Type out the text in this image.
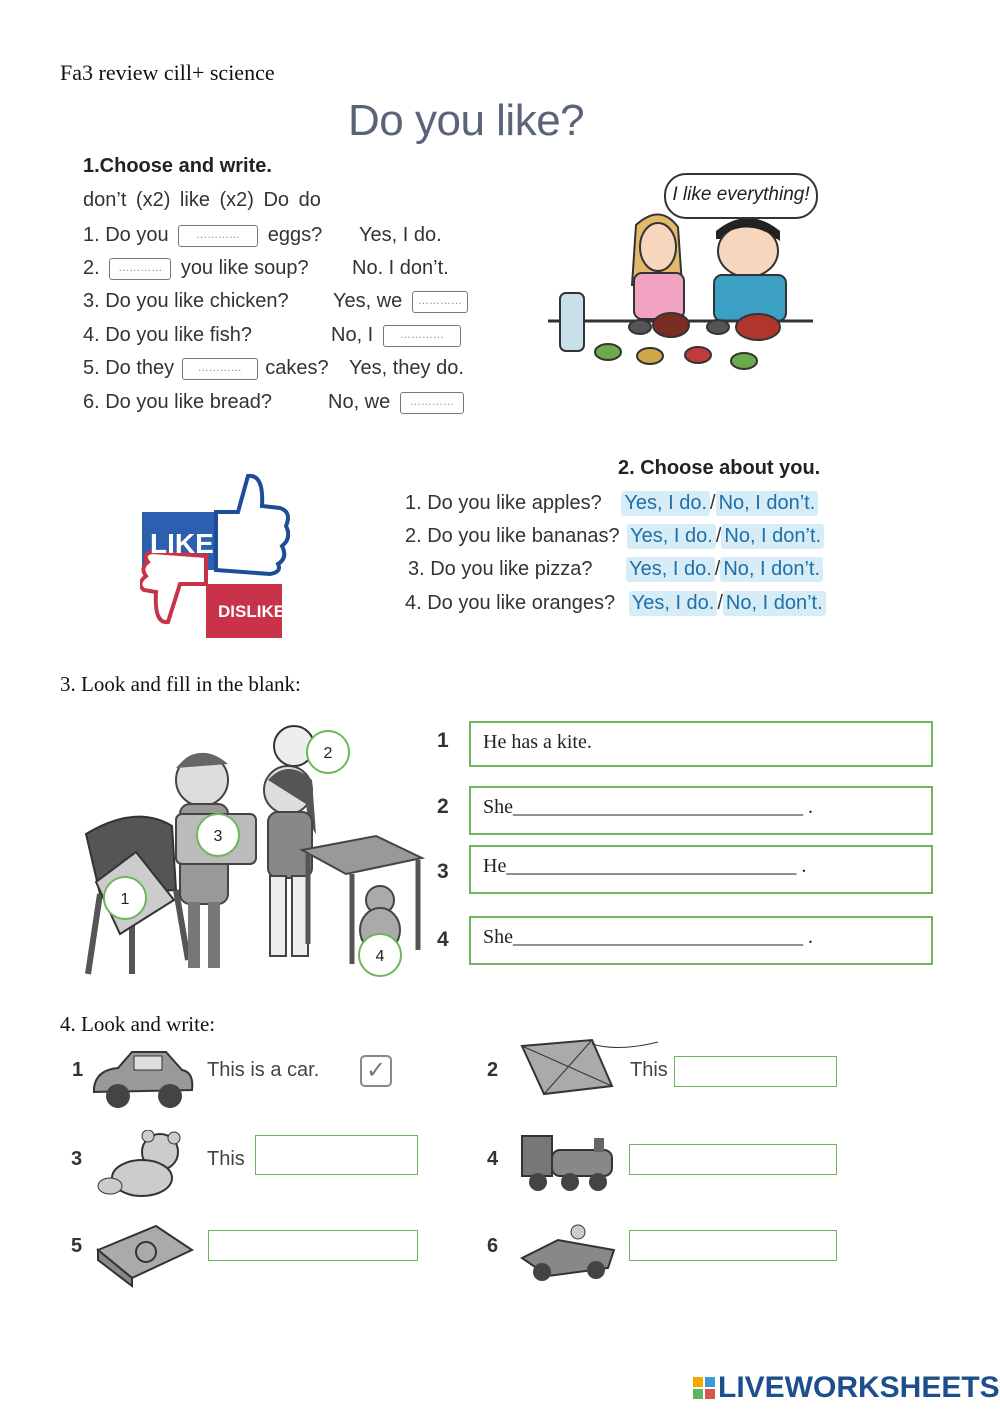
Fa3 review cill+ science
Do you like?
1.Choose and write.
don’t (x2) like (x2) Do do
1. Do you	………… eggs? Yes, I do.
2. ………… you like soup? No. I don’t.
3. Do you like chicken? Yes, we …………
4. Do you like fish?	No, I …………
5. Do they ………… cakes? Yes, they do.
6. Do you like bread?	No, we …………
I like everything!
2. Choose about you.
LIKE
DISLIKE
1. Do you like apples? Yes, I do. / No, I don’t.
2. Do you like bananas? Yes, I do. / No, I don’t.
3. Do you like pizza? Yes, I do. / No, I don’t.
4. Do you like oranges? Yes, I do. / No, I don’t.
3. Look and fill in the blank:
2
3
1
4
1	He has a kite.
2	She_____________________________ .
3	He_____________________________ .
4	She_____________________________ .
4. Look and write:
1	This is a car. ✓	2	This
3	This	4
5	6
LIVEWORKSHEETS
